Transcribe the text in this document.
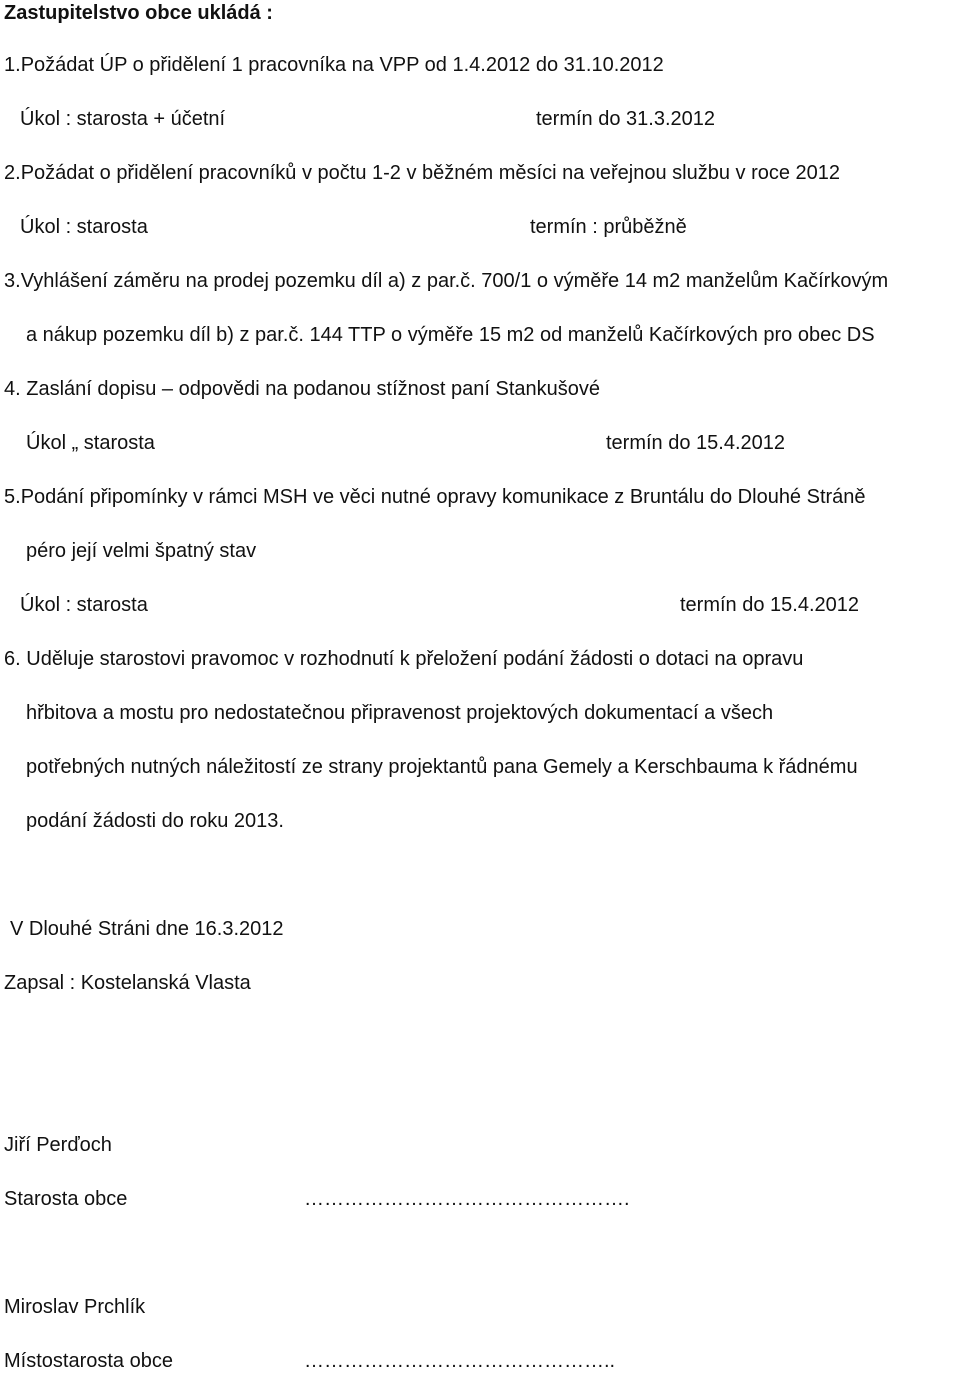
Zastupitelstvo obce ukládá :

1.Požádat ÚP o přidělení 1 pracovníka na VPP od 1.4.2012 do 31.10.2012

Úkol : starosta + účetní	termín do 31.3.2012

2.Požádat o přidělení pracovníků v počtu 1-2 v běžném měsíci na veřejnou službu v roce 2012

Úkol : starosta	termín : průběžně

3.Vyhlášení záměru na prodej pozemku díl a) z par.č. 700/1 o výměře 14 m2 manželům Kačírkovým

a nákup pozemku díl b) z par.č. 144 TTP o výměře 15 m2 od manželů Kačírkových pro obec DS

4. Zaslání dopisu – odpovědi na podanou stížnost paní Stankušové

Úkol „ starosta	termín do 15.4.2012

5.Podání připomínky v rámci MSH ve věci nutné opravy komunikace z Bruntálu do Dlouhé Stráně

péro její velmi špatný stav

Úkol : starosta	termín do 15.4.2012

6. Uděluje starostovi pravomoc v rozhodnutí k přeložení podání žádosti o dotaci na opravu

hřbitova a mostu pro nedostatečnou připravenost projektových dokumentací a všech

potřebných nutných náležitostí ze strany projektantů pana Gemely a Kerschbauma k řádnému

podání žádosti do roku 2013.

V Dlouhé Stráni dne 16.3.2012

Zapsal : Kostelanská Vlasta

Jiří Perďoch

Starosta obce	………………………………………….

Miroslav Prchlík

Místostarosta obce	………………………………………..
